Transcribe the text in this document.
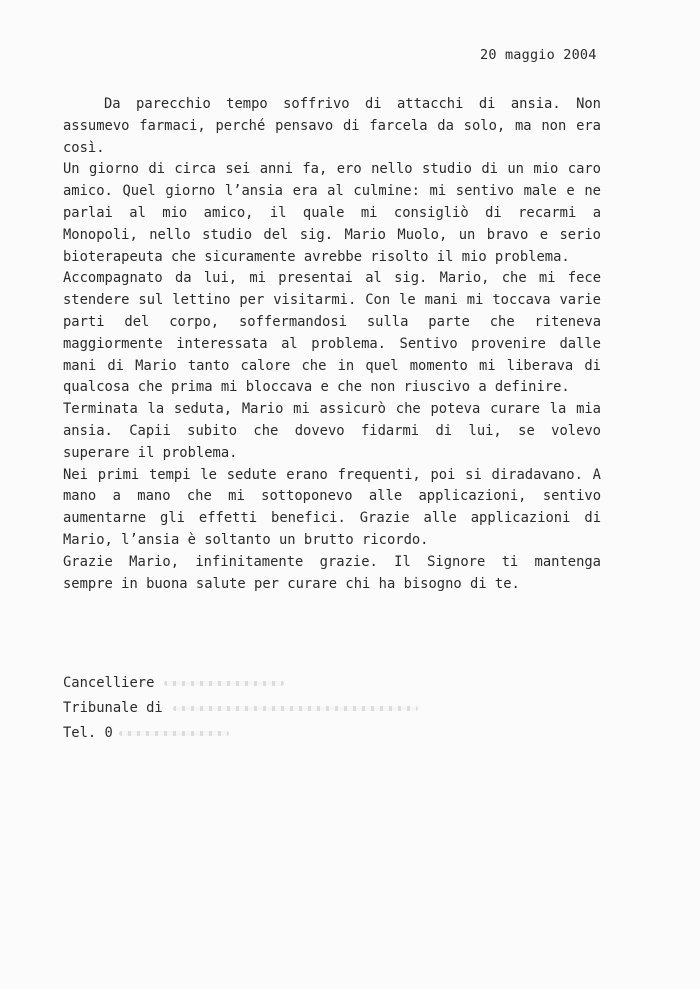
20 maggio 2004

Da parecchio tempo soffrivo di attacchi di ansia. Non assumevo farmaci, perché pensavo di farcela da solo, ma non era così.

Un giorno di circa sei anni fa, ero nello studio di un mio caro amico. Quel giorno l’ansia era al culmine: mi sentivo male e ne parlai al mio amico, il quale mi consigliò di recarmi a Monopoli, nello studio del sig. Mario Muolo, un bravo e serio bioterapeuta che sicuramente avrebbe risolto il mio problema.

Accompagnato da lui, mi presentai al sig. Mario, che mi fece stendere sul lettino per visitarmi. Con le mani mi toccava varie parti del corpo, soffermandosi sulla parte che riteneva maggiormente interessata al problema. Sentivo provenire dalle mani di Mario tanto calore che in quel momento mi liberava di qualcosa che prima mi bloccava e che non riuscivo a definire.

Terminata la seduta, Mario mi assicurò che poteva curare la mia ansia. Capii subito che dovevo fidarmi di lui, se volevo superare il problema.

Nei primi tempi le sedute erano frequenti, poi si diradavano. A mano a mano che mi sottoponevo alle applicazioni, sentivo aumentarne gli effetti benefici. Grazie alle applicazioni di Mario, l’ansia è soltanto un brutto ricordo.

Grazie Mario, infinitamente grazie. Il Signore ti mantenga sempre in buona salute per curare chi ha bisogno di te.

Cancelliere
Tribunale di
Tel. 0
